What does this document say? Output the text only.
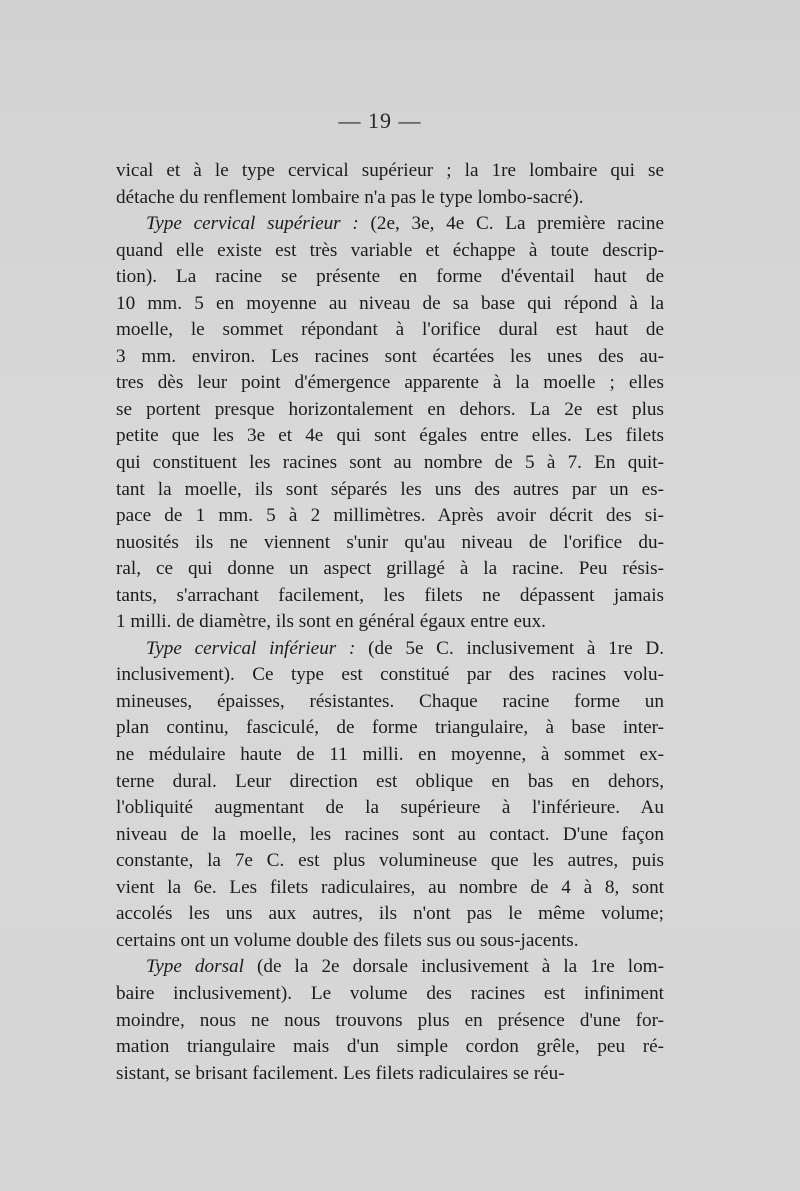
— 19 —
vical et à le type cervical supérieur ; la 1re lombaire qui se
détache du renflement lombaire n'a pas le type lombo-sacré).
Type cervical supérieur : (2e, 3e, 4e C. La première racine
quand elle existe est très variable et échappe à toute descrip-
tion). La racine se présente en forme d'éventail haut de
10 mm. 5 en moyenne au niveau de sa base qui répond à la
moelle, le sommet répondant à l'orifice dural est haut de
3 mm. environ. Les racines sont écartées les unes des au-
tres dès leur point d'émergence apparente à la moelle ; elles
se portent presque horizontalement en dehors. La 2e est plus
petite que les 3e et 4e qui sont égales entre elles. Les filets
qui constituent les racines sont au nombre de 5 à 7. En quit-
tant la moelle, ils sont séparés les uns des autres par un es-
pace de 1 mm. 5 à 2 millimètres. Après avoir décrit des si-
nuosités ils ne viennent s'unir qu'au niveau de l'orifice du-
ral, ce qui donne un aspect grillagé à la racine. Peu résis-
tants, s'arrachant facilement, les filets ne dépassent jamais
1 milli. de diamètre, ils sont en général égaux entre eux.
Type cervical inférieur : (de 5e C. inclusivement à 1re D.
inclusivement). Ce type est constitué par des racines volu-
mineuses, épaisses, résistantes. Chaque racine forme un
plan continu, fasciculé, de forme triangulaire, à base inter-
ne médulaire haute de 11 milli. en moyenne, à sommet ex-
terne dural. Leur direction est oblique en bas en dehors,
l'obliquité augmentant de la supérieure à l'inférieure. Au
niveau de la moelle, les racines sont au contact. D'une façon
constante, la 7e C. est plus volumineuse que les autres, puis
vient la 6e. Les filets radiculaires, au nombre de 4 à 8, sont
accolés les uns aux autres, ils n'ont pas le même volume;
certains ont un volume double des filets sus ou sous-jacents.
Type dorsal (de la 2e dorsale inclusivement à la 1re lom-
baire inclusivement). Le volume des racines est infiniment
moindre, nous ne nous trouvons plus en présence d'une for-
mation triangulaire mais d'un simple cordon grêle, peu ré-
sistant, se brisant facilement. Les filets radiculaires se réu-
